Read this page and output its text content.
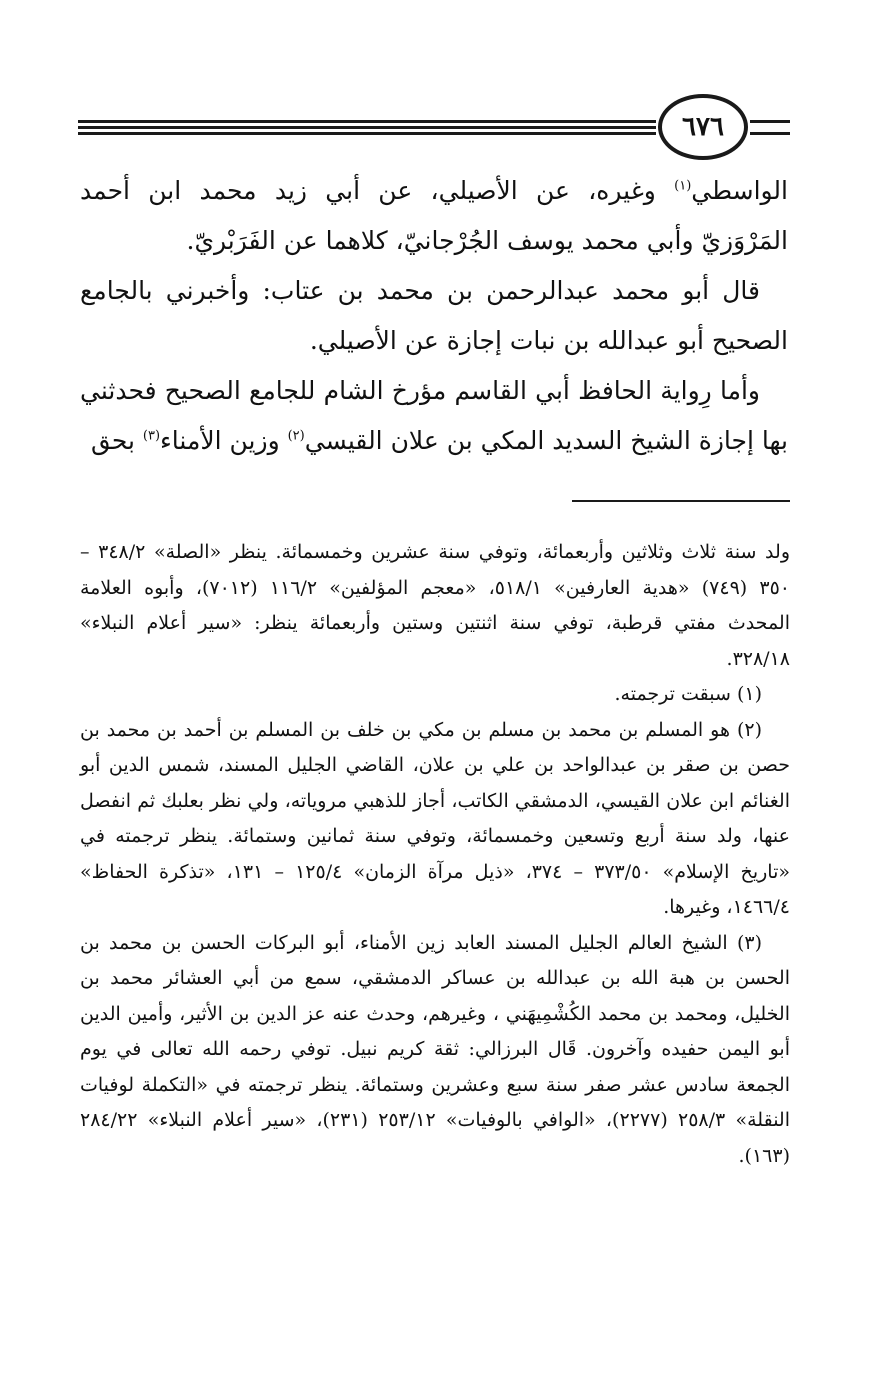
٦٧٦

الواسطي$^{(١)}$ وغيره، عن الأصيلي، عن أبي زيد محمد ابن أحمد المَرْوَزيّ وأبي محمد يوسف الجُرْجانيّ، كلاهما عن الفَرَبْريّ.

قال أبو محمد عبدالرحمن بن محمد بن عتاب: وأخبرني بالجامع الصحيح أبو عبدالله بن نبات إجازة عن الأصيلي.

وأما رِواية الحافظ أبي القاسم مؤرخ الشام للجامع الصحيح فحدثني بها إجازة الشيخ السديد المكي بن علان القيسي$^{(٢)}$ وزين الأمناء$^{(٣)}$ بحق

ولد سنة ثلاث وثلاثين وأربعمائة، وتوفي سنة عشرين وخمسمائة. ينظر «الصلة» ٣٤٨/٢ – ٣٥٠ (٧٤٩) «هدية العارفين» ٥١٨/١، «معجم المؤلفين» ١١٦/٢ (٧٠١٢)، وأبوه العلامة المحدث مفتي قرطبة، توفي سنة اثنتين وستين وأربعمائة ينظر: «سير أعلام النبلاء» ٣٢٨/١٨.

(١) سبقت ترجمته.

(٢) هو المسلم بن محمد بن مسلم بن مكي بن خلف بن المسلم بن أحمد بن محمد بن حصن بن صقر بن عبدالواحد بن علي بن علان، القاضي الجليل المسند، شمس الدين أبو الغنائم ابن علان القيسي، الدمشقي الكاتب، أجاز للذهبي مروياته، ولي نظر بعلبك ثم انفصل عنها، ولد سنة أربع وتسعين وخمسمائة، وتوفي سنة ثمانين وستمائة. ينظر ترجمته في «تاريخ الإسلام» ٣٧٣/٥٠ – ٣٧٤، «ذيل مرآة الزمان» ١٢٥/٤ – ١٣١، «تذكرة الحفاظ» ١٤٦٦/٤، وغيرها.

(٣) الشيخ العالم الجليل المسند العابد زين الأمناء، أبو البركات الحسن بن محمد بن الحسن بن هبة الله بن عبدالله بن عساكر الدمشقي، سمع من أبي العشائر محمد بن الخليل، ومحمد بن محمد الكُشْمِيهَني ، وغيرهم، وحدث عنه عز الدين بن الأثير، وأمين الدين أبو اليمن حفيده وآخرون. قَال البرزالي: ثقة كريم نبيل. توفي رحمه الله تعالى في يوم الجمعة سادس عشر صفر سنة سبع وعشرين وستمائة. ينظر ترجمته في «التكملة لوفيات النقلة» ٢٥٨/٣ (٢٢٧٧)، «الوافي بالوفيات» ٢٥٣/١٢ (٢٣١)، «سير أعلام النبلاء» ٢٨٤/٢٢ (١٦٣).
